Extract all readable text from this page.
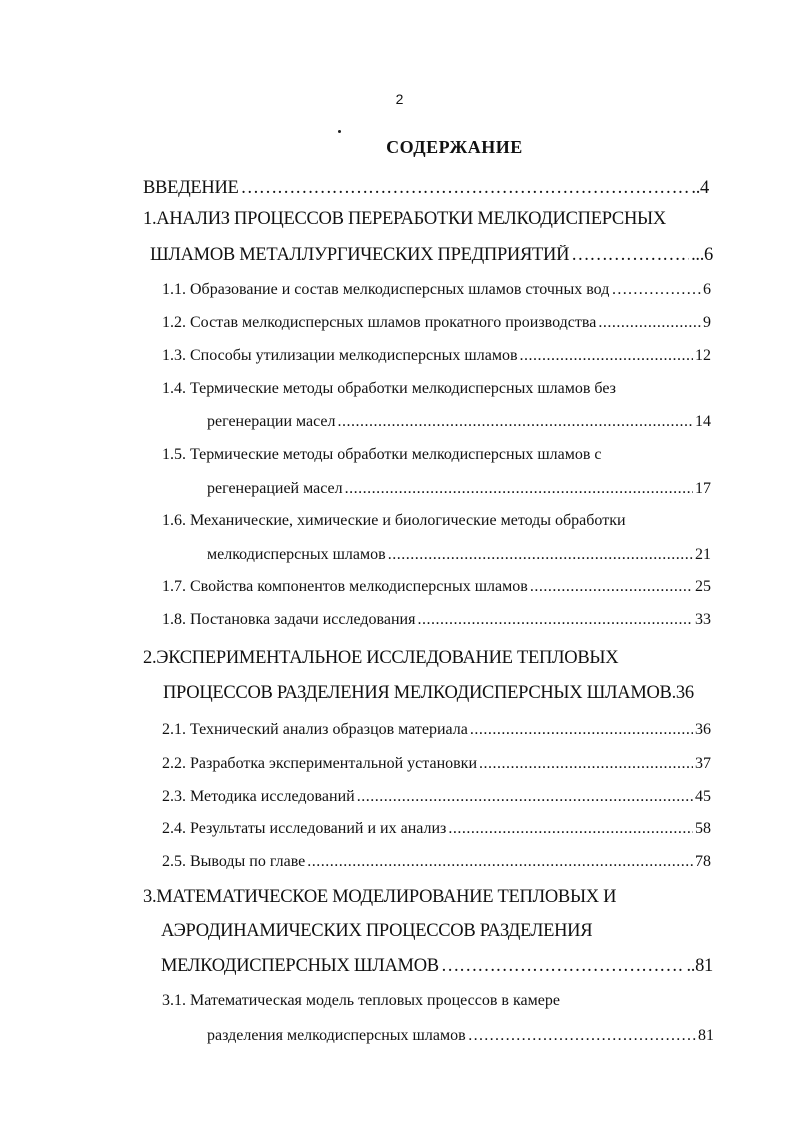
2
СОДЕРЖАНИЕ
ВВЕДЕНИЕ ………………………………………………………………………………………………………………………………………………	..4
1.АНАЛИЗ ПРОЦЕССОВ ПЕРЕРАБОТКИ МЕЛКОДИСПЕРСНЫХ
ШЛАМОВ МЕТАЛЛУРГИЧЕСКИХ ПРЕДПРИЯТИЙ ………………………………………………………………………………………………………………………………………………	...6
1.1. Образование и состав мелкодисперсных шламов сточных вод ………………………………………………………………………………………………………………………………………………	6
1.2. Состав мелкодисперсных шламов прокатного производства .....	9
1.3. Способы утилизации мелкодисперсных шламов .....	12
1.4. Термические методы обработки мелкодисперсных шламов без
регенерации масел .....	14
1.5. Термические методы обработки мелкодисперсных шламов с
регенерацией масел .....	17
1.6. Механические, химические и биологические методы обработки
мелкодисперсных шламов .....	21
1.7. Свойства компонентов мелкодисперсных шламов .....	25
1.8. Постановка задачи исследования .....	33
2.ЭКСПЕРИМЕНТАЛЬНОЕ ИССЛЕДОВАНИЕ ТЕПЛОВЫХ
ПРОЦЕССОВ РАЗДЕЛЕНИЯ МЕЛКОДИСПЕРСНЫХ ШЛАМОВ.36
2.1. Технический анализ образцов материала .....	36
2.2. Разработка экспериментальной установки .....	37
2.3. Методика исследований .....	45
2.4. Результаты исследований и их анализ .....	58
2.5. Выводы по главе .....	78
3.МАТЕМАТИЧЕСКОЕ МОДЕЛИРОВАНИЕ ТЕПЛОВЫХ И
АЭРОДИНАМИЧЕСКИХ ПРОЦЕССОВ РАЗДЕЛЕНИЯ
МЕЛКОДИСПЕРСНЫХ ШЛАМОВ ………………………………………………………………………………………………………………………………………………	..81
3.1. Математическая модель тепловых процессов в камере
разделения мелкодисперсных шламов ………………………………………………………………………………………………………………………………………………	81
